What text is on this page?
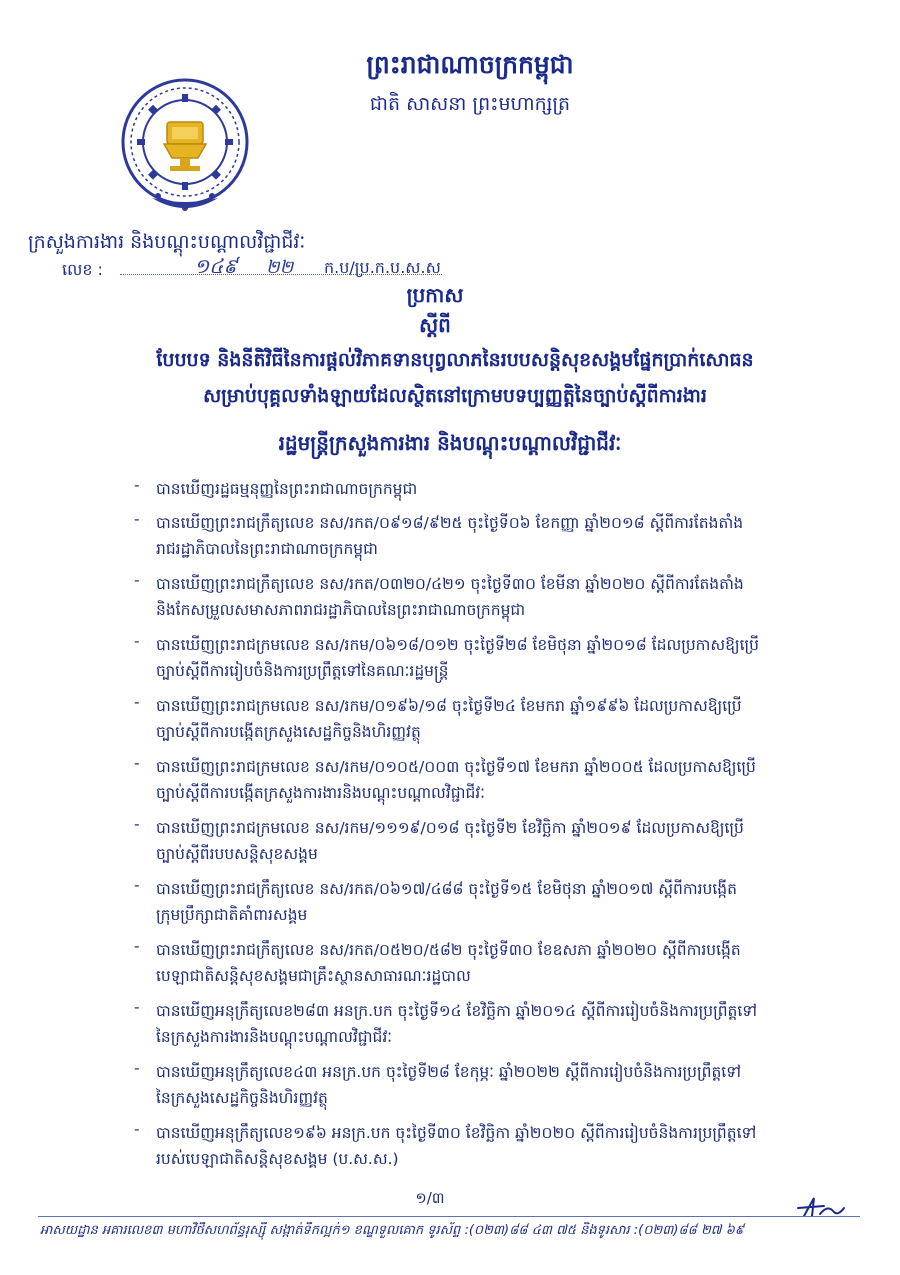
ព្រះរាជាណាចក្រកម្ពុជា
ជាតិ សាសនា ព្រះមហាក្សត្រ
ក្រសួងការងារ និងបណ្ដុះបណ្ដាលវិជ្ជាជីវៈ
លេខ :	១៤៩ ២២ ក.ប/ប្រ.ក.ប.ស.ស
ប្រកាស
ស្ដីពី
បែបបទ និងនីតិវិធីនៃការផ្ដល់វិភាគទានបុព្វលាភនៃរបបសន្តិសុខសង្គមផ្នែកប្រាក់សោធន
សម្រាប់បុគ្គលទាំងឡាយដែលស្ថិតនៅក្រោមបទប្បញ្ញត្តិនៃច្បាប់ស្ដីពីការងារ
រដ្ឋមន្ត្រីក្រសួងការងារ និងបណ្ដុះបណ្ដាលវិជ្ជាជីវៈ
- បានឃើញរដ្ឋធម្មនុញ្ញនៃព្រះរាជាណាចក្រកម្ពុជា
- បានឃើញព្រះរាជក្រឹត្យលេខ នស/រកត/០៩១៨/៩២៥ ចុះថ្ងៃទី០៦ ខែកញ្ញា ឆ្នាំ២០១៨ ស្ដីពីការតែងតាំង
រាជរដ្ឋាភិបាលនៃព្រះរាជាណាចក្រកម្ពុជា
- បានឃើញព្រះរាជក្រឹត្យលេខ នស/រកត/០៣២០/៤២១ ចុះថ្ងៃទី៣០ ខែមីនា ឆ្នាំ២០២០ ស្ដីពីការតែងតាំង
និងកែសម្រួលសមាសភាពរាជរដ្ឋាភិបាលនៃព្រះរាជាណាចក្រកម្ពុជា
- បានឃើញព្រះរាជក្រមលេខ នស/រកម/០៦១៨/០១២ ចុះថ្ងៃទី២៨ ខែមិថុនា ឆ្នាំ២០១៨ ដែលប្រកាសឱ្យប្រើ
ច្បាប់ស្ដីពីការរៀបចំនិងការប្រព្រឹត្តទៅនៃគណៈរដ្ឋមន្ត្រី
- បានឃើញព្រះរាជក្រមលេខ នស/រកម/០១៩៦/១៨ ចុះថ្ងៃទី២៤ ខែមករា ឆ្នាំ១៩៩៦ ដែលប្រកាសឱ្យប្រើ
ច្បាប់ស្ដីពីការបង្កើតក្រសួងសេដ្ឋកិច្ចនិងហិរញ្ញវត្ថុ
- បានឃើញព្រះរាជក្រមលេខ នស/រកម/០១០៥/០០៣ ចុះថ្ងៃទី១៧ ខែមករា ឆ្នាំ២០០៥ ដែលប្រកាសឱ្យប្រើ
ច្បាប់ស្ដីពីការបង្កើតក្រសួងការងារនិងបណ្ដុះបណ្ដាលវិជ្ជាជីវៈ
- បានឃើញព្រះរាជក្រមលេខ នស/រកម/១១១៩/០១៨ ចុះថ្ងៃទី២ ខែវិច្ឆិកា ឆ្នាំ២០១៩ ដែលប្រកាសឱ្យប្រើ
ច្បាប់ស្ដីពីរបបសន្តិសុខសង្គម
- បានឃើញព្រះរាជក្រឹត្យលេខ នស/រកត/០៦១៧/៤៨៨ ចុះថ្ងៃទី១៥ ខែមិថុនា ឆ្នាំ២០១៧ ស្ដីពីការបង្កើត
ក្រុមប្រឹក្សាជាតិគាំពារសង្គម
- បានឃើញព្រះរាជក្រឹត្យលេខ នស/រកត/០៥២០/៥៨២ ចុះថ្ងៃទី៣០ ខែឧសភា ឆ្នាំ២០២០ ស្ដីពីការបង្កើត
បេឡាជាតិសន្តិសុខសង្គមជាគ្រឹះស្ថានសាធារណៈរដ្ឋបាល
- បានឃើញអនុក្រឹត្យលេខ២៨៣ អនក្រ.បក ចុះថ្ងៃទី១៤ ខែវិច្ឆិកា ឆ្នាំ២០១៤ ស្ដីពីការរៀបចំនិងការប្រព្រឹត្តទៅ
នៃក្រសួងការងារនិងបណ្ដុះបណ្ដាលវិជ្ជាជីវៈ
- បានឃើញអនុក្រឹត្យលេខ៤៣ អនក្រ.បក ចុះថ្ងៃទី២៨ ខែកុម្ភៈ ឆ្នាំ២០២២ ស្ដីពីការរៀបចំនិងការប្រព្រឹត្តទៅ
នៃក្រសួងសេដ្ឋកិច្ចនិងហិរញ្ញវត្ថុ
- បានឃើញអនុក្រឹត្យលេខ១៩៦ អនក្រ.បក ចុះថ្ងៃទី៣០ ខែវិច្ឆិកា ឆ្នាំ២០២០ ស្ដីពីការរៀបចំនិងការប្រព្រឹត្តទៅ
របស់បេឡាជាតិសន្តិសុខសង្គម (ប.ស.ស.)
១/៣
អាសយដ្ឋាន អគារលេខ៣ មហាវិថីសហព័ន្ធរុស្ស៊ី សង្កាត់ទឹកល្អក់១ ខណ្ឌទួលគោក ទូរស័ព្ទ :(០២៣)៨៨ ៤៣ ៧៥ និងទូរសារ :(០២៣)៨៨ ២៧ ៦៩
